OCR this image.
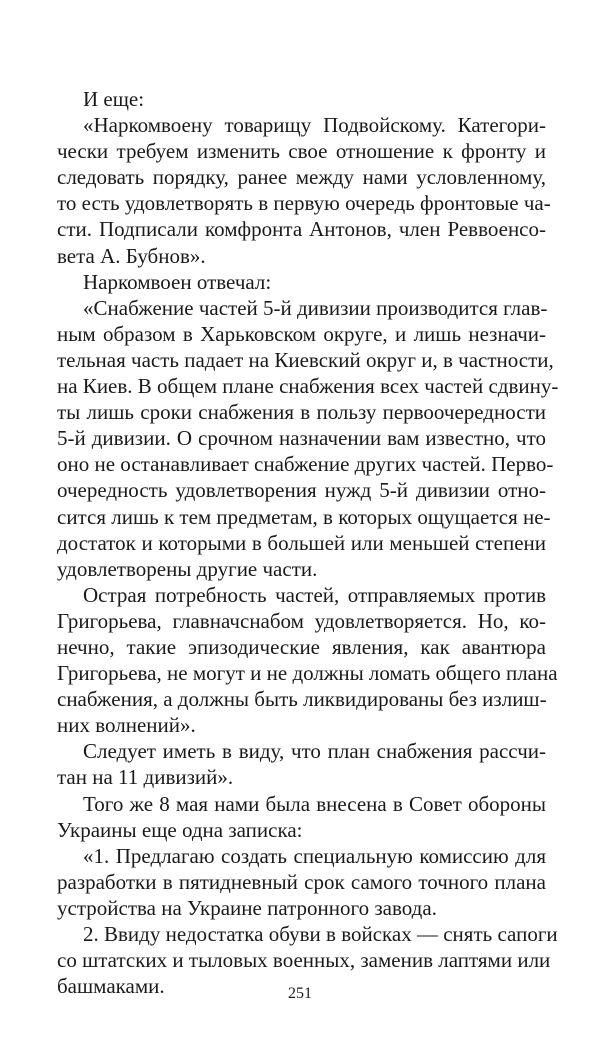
И еще:
«Наркомвоену товарищу Подвойскому. Категори-
чески требуем изменить свое отношение к фронту и
следовать порядку, ранее между нами условленному,
то есть удовлетворять в первую очередь фронтовые ча-
сти. Подписали комфронта Антонов, член Реввоенсо-
вета А. Бубнов».
Наркомвоен отвечал:
«Снабжение частей 5-й дивизии производится глав-
ным образом в Харьковском округе, и лишь незначи-
тельная часть падает на Киевский округ и, в частности,
на Киев. В общем плане снабжения всех частей сдвину-
ты лишь сроки снабжения в пользу первоочередности
5-й дивизии. О срочном назначении вам известно, что
оно не останавливает снабжение других частей. Перво-
очередность удовлетворения нужд 5-й дивизии отно-
сится лишь к тем предметам, в которых ощущается не-
достаток и которыми в большей или меньшей степени
удовлетворены другие части.
Острая потребность частей, отправляемых против
Григорьева, главначснабом удовлетворяется. Но, ко-
нечно, такие эпизодические явления, как авантюра
Григорьева, не могут и не должны ломать общего плана
снабжения, а должны быть ликвидированы без излиш-
них волнений».
Следует иметь в виду, что план снабжения рассчи-
тан на 11 дивизий».
Того же 8 мая нами была внесена в Совет обороны
Украины еще одна записка:
«1. Предлагаю создать специальную комиссию для
разработки в пятидневный срок самого точного плана
устройства на Украине патронного завода.
2. Ввиду недостатка обуви в войсках — снять сапоги
со штатских и тыловых военных, заменив лаптями или
башмаками.	251
